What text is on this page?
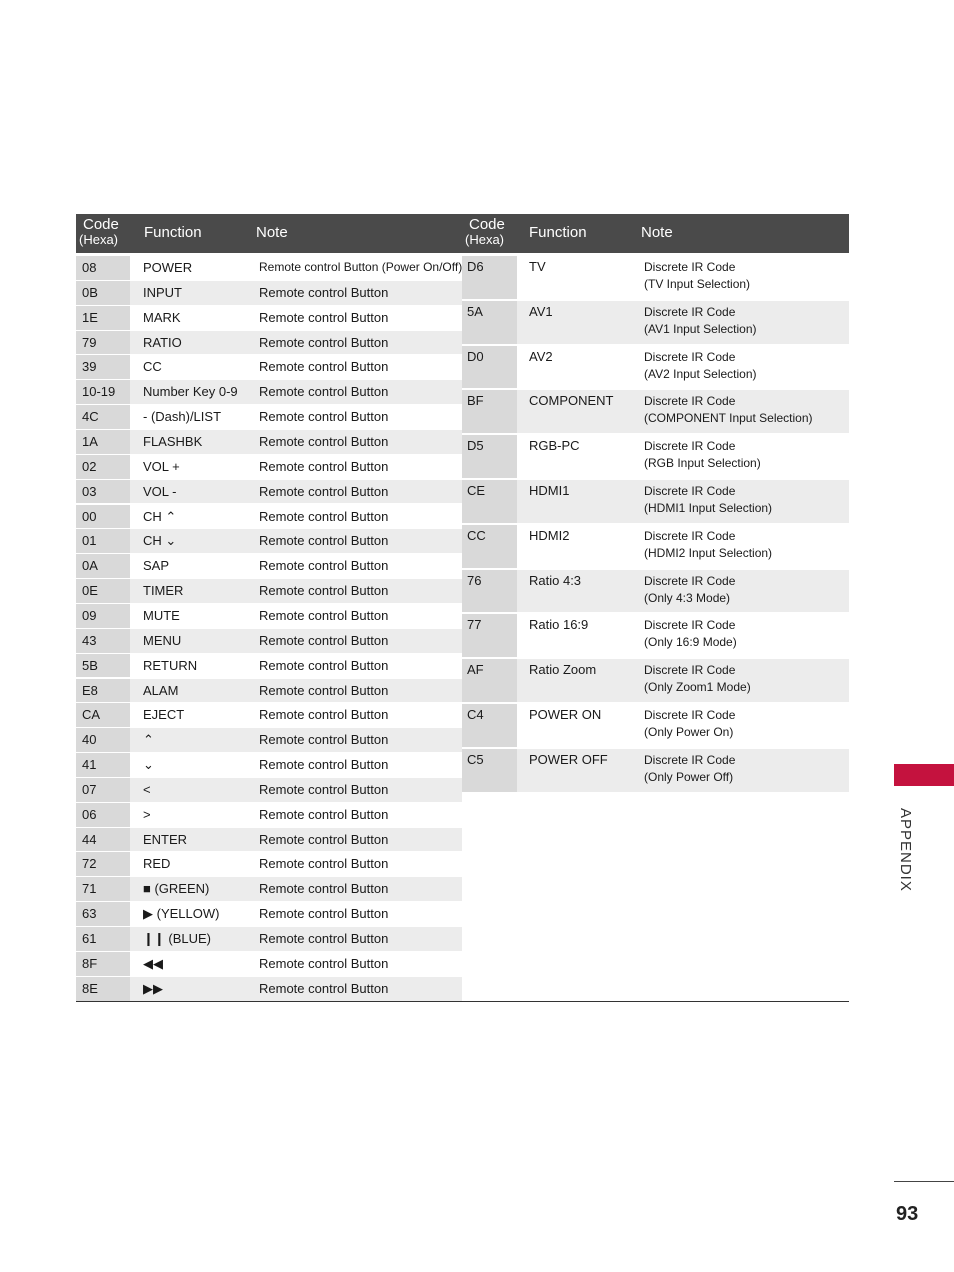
Code
(Hexa) Function	Note	Code
(Hexa) Function	Note
08	POWER	Remote control Button (Power On/Off)
0B	INPUT	Remote control Button
1E	MARK	Remote control Button
79	RATIO	Remote control Button
39	CC	Remote control Button
10-19	Number Key 0-9	Remote control Button
4C	- (Dash)/LIST	Remote control Button
1A	FLASHBK	Remote control Button
02	VOL +	Remote control Button
03	VOL -	Remote control Button
00	CH ⌃	Remote control Button
01	CH ⌄	Remote control Button
0A	SAP	Remote control Button
0E	TIMER	Remote control Button
09	MUTE	Remote control Button
43	MENU	Remote control Button
5B	RETURN	Remote control Button
E8	ALAM	Remote control Button
CA	EJECT	Remote control Button
40	⌃	Remote control Button
41	⌄	Remote control Button
07	<	Remote control Button
06	>	Remote control Button
44	ENTER	Remote control Button
72	RED	Remote control Button
71	■ (GREEN)	Remote control Button
63	▶ (YELLOW)	Remote control Button
61	❙❙ (BLUE)	Remote control Button
8F	◀◀	Remote control Button
8E	▶▶	Remote control Button
D6	TV	Discrete IR Code
(TV Input Selection)
5A	AV1	Discrete IR Code
(AV1 Input Selection)
D0	AV2	Discrete IR Code
(AV2 Input Selection)
BF	COMPONENT	Discrete IR Code
(COMPONENT Input Selection)
D5	RGB-PC	Discrete IR Code
(RGB Input Selection)
CE	HDMI1	Discrete IR Code
(HDMI1 Input Selection)
CC	HDMI2	Discrete IR Code
(HDMI2 Input Selection)
76	Ratio 4:3	Discrete IR Code
(Only 4:3 Mode)
77	Ratio 16:9	Discrete IR Code
(Only 16:9 Mode)
AF	Ratio Zoom	Discrete IR Code
(Only Zoom1 Mode)
C4	POWER ON	Discrete IR Code
(Only Power On)
C5	POWER OFF	Discrete IR Code
(Only Power Off)
APPENDIX
93
